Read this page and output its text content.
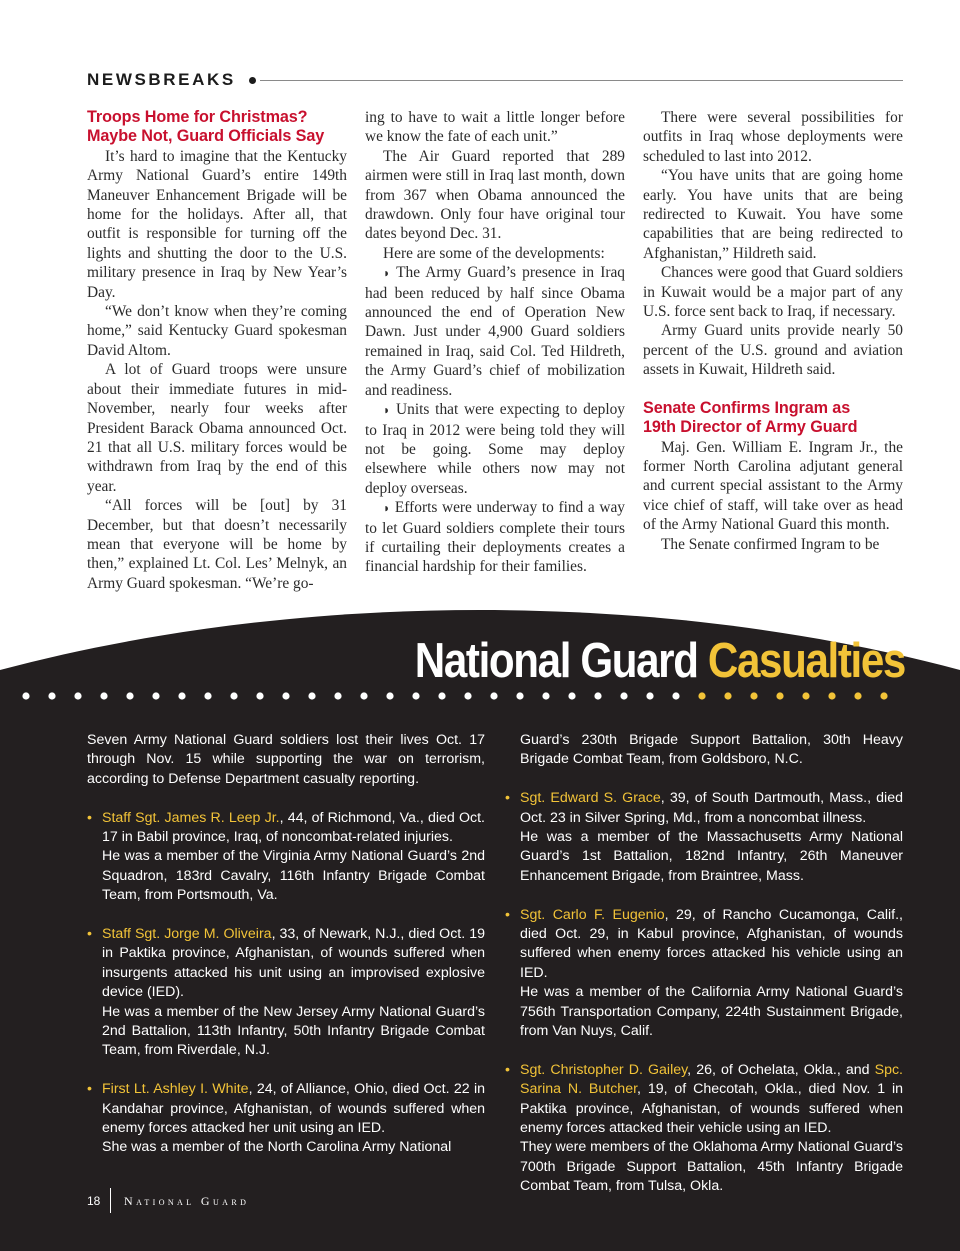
NEWSBREAKS
Troops Home for Christmas?
Maybe Not, Guard Officials Say

It’s hard to imagine that the Kentucky Army National Guard’s entire 149th Maneuver Enhancement Brigade will be home for the holidays. After all, that outfit is responsible for turning off the lights and shutting the door to the U.S. military presence in Iraq by New Year’s Day.

“We don’t know when they’re coming home,” said Kentucky Guard spokesman David Altom.

A lot of Guard troops were unsure about their immediate futures in mid-November, nearly four weeks after President Barack Obama announced Oct. 21 that all U.S. military forces would be withdrawn from Iraq by the end of this year.

“All forces will be [out] by 31 December, but that doesn’t necessarily mean that everyone will be home by then,” explained Lt. Col. Les’ Melnyk, an Army Guard spokesman. “We’re go-

ing to have to wait a little longer before we know the fate of each unit.”

The Air Guard reported that 289 airmen were still in Iraq last month, down from 367 when Obama announced the drawdown. Only four have original tour dates beyond Dec. 31.

Here are some of the developments:

◗ The Army Guard’s presence in Iraq had been reduced by half since Obama announced the end of Operation New Dawn. Just under 4,900 Guard soldiers remained in Iraq, said Col. Ted Hildreth, the Army Guard’s chief of mobilization and readiness.

◗ Units that were expecting to deploy to Iraq in 2012 were being told they will not be going. Some may deploy elsewhere while others now may not deploy overseas.

◗ Efforts were underway to find a way to let Guard soldiers complete their tours if curtailing their deployments creates a financial hardship for their families.

There were several possibilities for outfits in Iraq whose deployments were scheduled to last into 2012.

“You have units that are going home early. You have units that are being redirected to Kuwait. You have some capabilities that are being redirected to Afghanistan,” Hildreth said.

Chances were good that Guard soldiers in Kuwait would be a major part of any U.S. force sent back to Iraq, if necessary.

Army Guard units provide nearly 50 percent of the U.S. ground and aviation assets in Kuwait, Hildreth said.

Senate Confirms Ingram as
19th Director of Army Guard

Maj. Gen. William E. Ingram Jr., the former North Carolina adjutant general and current special assistant to the Army vice chief of staff, will take over as head of the Army National Guard this month.

The Senate confirmed Ingram to be

National Guard Casualties

Seven Army National Guard soldiers lost their lives Oct. 17 through Nov. 15 while supporting the war on terrorism, according to Defense Department casualty reporting.

• Staff Sgt. James R. Leep Jr., 44, of Richmond, Va., died Oct. 17 in Babil province, Iraq, of noncombat-related injuries.

He was a member of the Virginia Army National Guard’s 2nd Squadron, 183rd Cavalry, 116th Infantry Brigade Combat Team, from Portsmouth, Va.

• Staff Sgt. Jorge M. Oliveira, 33, of Newark, N.J., died Oct. 19 in Paktika province, Afghanistan, of wounds suffered when insurgents attacked his unit using an improvised explosive device (IED).

He was a member of the New Jersey Army National Guard’s 2nd Battalion, 113th Infantry, 50th Infantry Brigade Combat Team, from Riverdale, N.J.

• First Lt. Ashley I. White, 24, of Alliance, Ohio, died Oct. 22 in Kandahar province, Afghanistan, of wounds suffered when enemy forces attacked her unit using an IED.

She was a member of the North Carolina Army National

Guard’s 230th Brigade Support Battalion, 30th Heavy Brigade Combat Team, from Goldsboro, N.C.

• Sgt. Edward S. Grace, 39, of South Dartmouth, Mass., died Oct. 23 in Silver Spring, Md., from a noncombat illness.

He was a member of the Massachusetts Army National Guard’s 1st Battalion, 182nd Infantry, 26th Maneuver Enhancement Brigade, from Braintree, Mass.

• Sgt. Carlo F. Eugenio, 29, of Rancho Cucamonga, Calif., died Oct. 29, in Kabul province, Afghanistan, of wounds suffered when enemy forces attacked his vehicle using an IED.

He was a member of the California Army National Guard’s 756th Transportation Company, 224th Sustainment Brigade, from Van Nuys, Calif.

• Sgt. Christopher D. Gailey, 26, of Ochelata, Okla., and Spc. Sarina N. Butcher, 19, of Checotah, Okla., died Nov. 1 in Paktika province, Afghanistan, of wounds suffered when enemy forces attacked their vehicle using an IED.

They were members of the Oklahoma Army National Guard’s 700th Brigade Support Battalion, 45th Infantry Brigade Combat Team, from Tulsa, Okla.

18 National Guard
